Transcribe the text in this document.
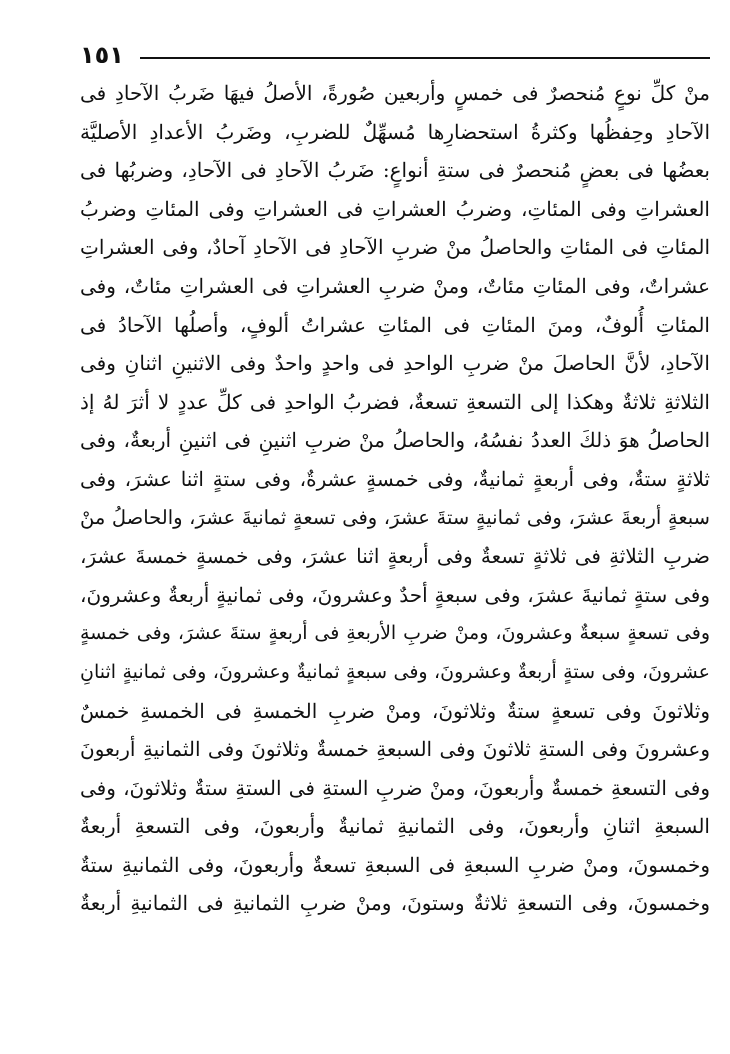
١٥١
منْ كلِّ نوعٍ مُنحصرٌ فى خمسٍ وأربعين صُورةً، الأصلُ فيهَا ضَربُ الآحادِ فى
الآحادِ وحِفظُها وكثرةُ استحضارِها مُسهِّلٌ للضربِ، وضَربُ الأعدادِ الأصليَّة
بعضُها فى بعضٍ مُنحصرٌ فى ستةِ أنواعٍ: ضَربُ الآحادِ فى الآحادِ، وضربُها فى
العشراتِ وفى المئاتِ، وضربُ العشراتِ فى العشراتِ وفى المئاتِ وضربُ
المئاتِ فى المئاتِ والحاصلُ منْ ضربِ الآحادِ فى الآحادِ آحادٌ، وفى العشراتِ
عشراتٌ، وفى المئاتِ مئاتٌ، ومنْ ضربِ العشراتِ فى العشراتِ مئاتٌ، وفى
المئاتِ أُلوفٌ، ومنَ المئاتِ فى المئاتِ عشراتُ ألوفٍ، وأصلُها الآحادُ فى
الآحادِ، لأنَّ الحاصلَ منْ ضربِ الواحدِ فى واحدٍ واحدٌ وفى الاثنينِ اثنانِ وفى
الثلاثةِ ثلاثةٌ وهكذا إلى التسعةِ تسعةٌ، فضربُ الواحدِ فى كلِّ عددٍ لا أثرَ لهُ إذ
الحاصلُ هوَ ذلكَ العددُ نفسُهُ، والحاصلُ منْ ضربِ اثنينِ فى اثنينِ أربعةٌ، وفى
ثلاثةٍ ستةٌ، وفى أربعةٍ ثمانيةٌ، وفى خمسةٍ عشرةٌ، وفى ستةٍ اثنا عشرَ، وفى
سبعةٍ أربعةَ عشرَ، وفى ثمانيةٍ ستةَ عشرَ، وفى تسعةٍ ثمانيةَ عشرَ، والحاصلُ منْ
ضربِ الثلاثةِ فى ثلاثةٍ تسعةٌ وفى أربعةٍ اثنا عشرَ، وفى خمسةٍ خمسةَ عشرَ،
وفى ستةٍ ثمانيةَ عشرَ، وفى سبعةٍ أحدٌ وعشرونَ، وفى ثمانيةٍ أربعةٌ وعشرونَ،
وفى تسعةٍ سبعةٌ وعشرونَ، ومنْ ضربِ الأربعةِ فى أربعةٍ ستةَ عشرَ، وفى خمسةٍ
عشرونَ، وفى ستةٍ أربعةٌ وعشرونَ، وفى سبعةٍ ثمانيةٌ وعشرونَ، وفى ثمانيةٍ اثنانِ
وثلاثونَ وفى تسعةٍ ستةٌ وثلاثونَ، ومنْ ضربِ الخمسةِ فى الخمسةِ خمسٌ
وعشرونَ وفى الستةِ ثلاثونَ وفى السبعةِ خمسةٌ وثلاثونَ وفى الثمانيةِ أربعونَ
وفى التسعةِ خمسةٌ وأربعونَ، ومنْ ضربِ الستةِ فى الستةِ ستةٌ وثلاثونَ، وفى
السبعةِ اثنانِ وأربعونَ، وفى الثمانيةِ ثمانيةٌ وأربعونَ، وفى التسعةِ أربعةٌ
وخمسونَ، ومنْ ضربِ السبعةِ فى السبعةِ تسعةٌ وأربعونَ، وفى الثمانيةِ ستةٌ
وخمسونَ، وفى التسعةِ ثلاثةٌ وستونَ، ومنْ ضربِ الثمانيةِ فى الثمانيةِ أربعةٌ
